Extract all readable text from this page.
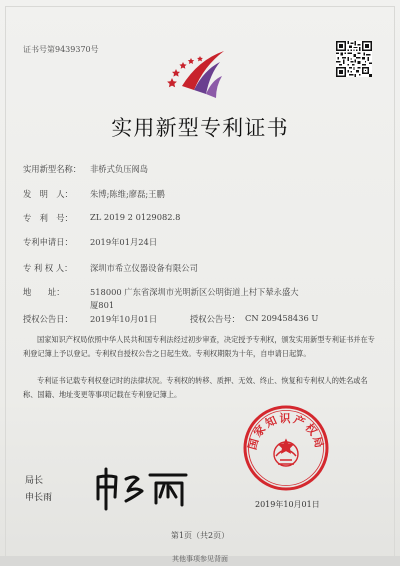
证书号第9439370号
实用新型专利证书
实用新型名称： 非桥式负压阀岛
发　明　人： 朱博;陈维;廖磊;王鹏
专　利　号： ZL 2019 2 0129082.8
专利申请日： 2019年01月24日
专 利 权 人： 深圳市希立仪器设备有限公司
地　　址：	518000 广东省深圳市光明新区公明街道上村下辇永盛大
厦801
授权公告日： 2019年10月01日	授权公告号： CN 209458436 U
国家知识产权局依照中华人民共和国专利法经过初步审查，决定授予专利权，颁发实用新型专利证书并在专利登记簿上予以登记。专利权自授权公告之日起生效。专利权期限为十年，自申请日起算。
专利证书记载专利权登记时的法律状况。专利权的转移、质押、无效、终止、恢复和专利权人的姓名或名称、国籍、地址变更等事项记载在专利登记簿上。
局长
申长雨
国家知识产权局
2019年10月01日
第1页（共2页）
其他事项参见背面
